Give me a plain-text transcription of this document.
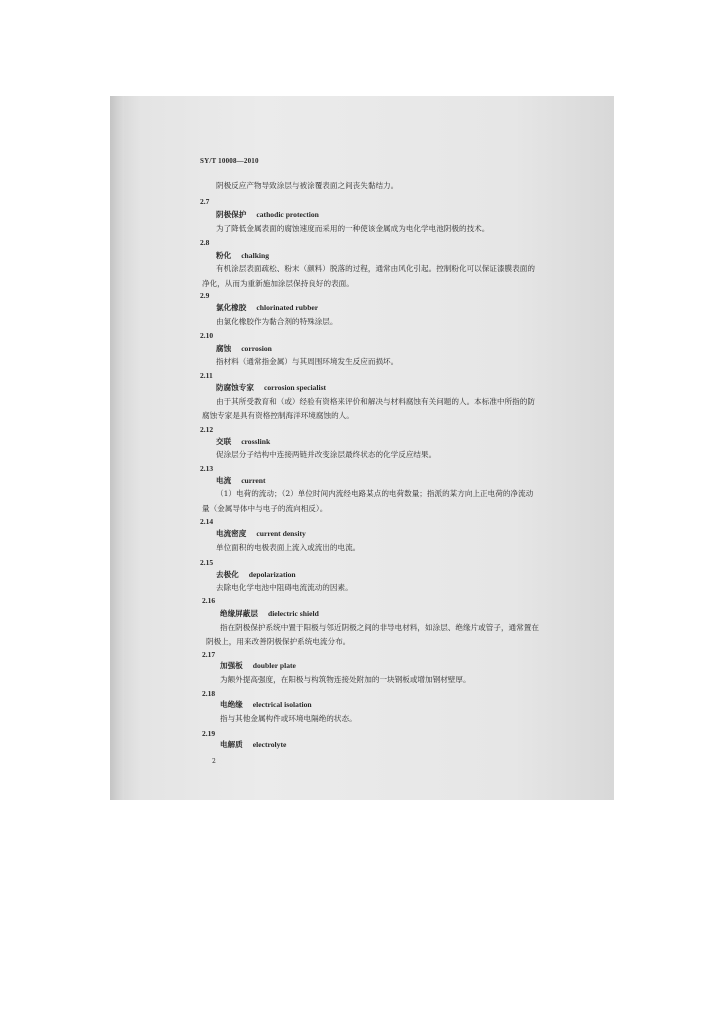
SY/T 10008—2010
阴极反应产物导致涂层与被涂覆表面之间丧失黏结力。
2.7
阴极保护 cathodic protection
为了降低金属表面的腐蚀速度而采用的一种使该金属成为电化学电池阴极的技术。
2.8
粉化 chalking
有机涂层表面疏松、粉末（颜料）脱落的过程，通常由风化引起。控制粉化可以保证漆膜表面的
净化，从而为重新施加涂层保持良好的表面。
2.9
氯化橡胶 chlorinated rubber
由氯化橡胶作为黏合剂的特殊涂层。
2.10
腐蚀 corrosion
指材料（通常指金属）与其周围环境发生反应而损坏。
2.11
防腐蚀专家 corrosion specialist
由于其所受教育和（或）经验有资格来评价和解决与材料腐蚀有关问题的人。本标准中所指的防
腐蚀专家是具有资格控制海洋环境腐蚀的人。
2.12
交联 crosslink
促涂层分子结构中连接两链并改变涂层最终状态的化学反应结果。
2.13
电流 current
（1）电荷的流动；（2）单位时间内流经电路某点的电荷数量；指派的某方向上正电荷的净流动
量（金属导体中与电子的流向相反）。
2.14
电流密度 current density
单位面积的电极表面上流入或流出的电流。
2.15
去极化 depolarization
去除电化学电池中阻碍电流流动的因素。
2.16
绝缘屏蔽层 dielectric shield
指在阴极保护系统中置于阳极与邻近阴极之间的非导电材料，如涂层、绝缘片或管子，通常置在
阴极上，用来改善阴极保护系统电流分布。
2.17
加强板 doubler plate
为额外提高强度，在阳极与构筑物连接处附加的一块钢板或增加钢材壁厚。
2.18
电绝缘 electrical isolation
指与其他金属构件或环境电隔绝的状态。
2.19
电解质 electrolyte
2
